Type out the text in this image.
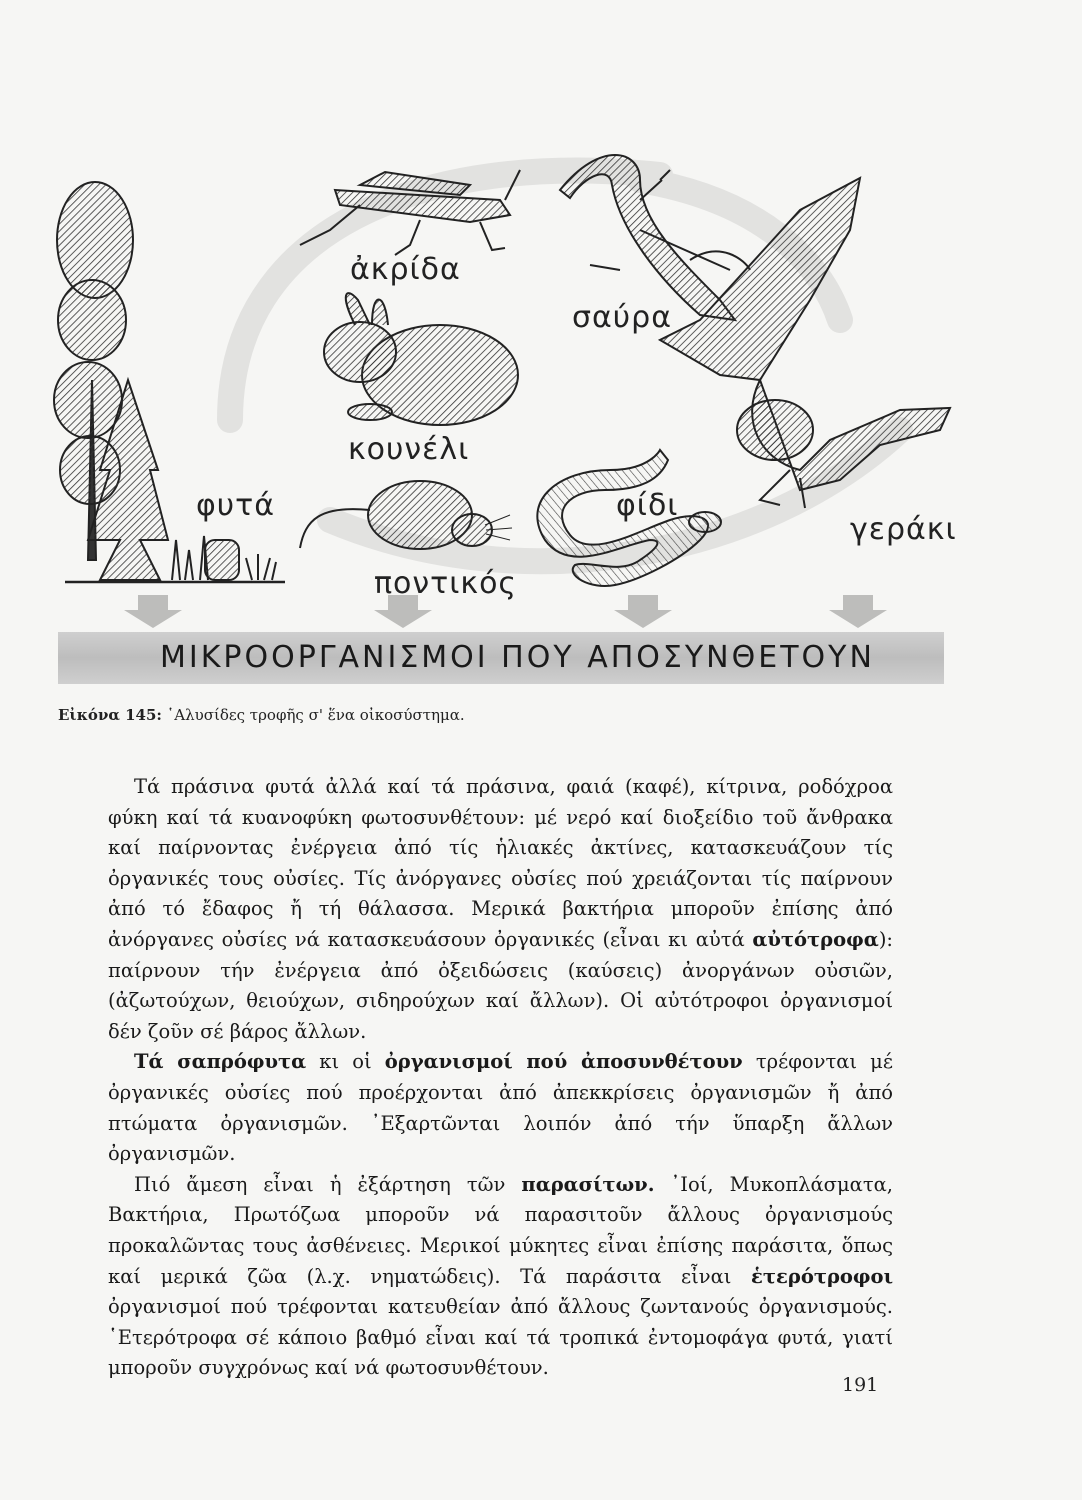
φυτά
ἀκρίδα
κουνέλι
ποντικός
σαύρα
φίδι
γεράκι
ΜΙΚΡΟΟΡΓΑΝΙΣΜΟΙ ΠΟΥ ΑΠΟΣΥΝΘΕΤΟΥΝ
Εἰκόνα 145: ῾Αλυσίδες τροφῆς σ' ἕνα οἰκοσύστημα.

Τά πράσινα φυτά ἀλλά καί τά πράσινα, φαιά (καφέ), κίτρινα, ροδόχροα φύκη καί τά κυανοφύκη φωτοσυνθέτουν: μέ νερό καί διοξείδιο τοῦ ἄνθρακα καί παίρνοντας ἐνέργεια ἀπό τίς ἡλιακές ἀκτίνες, κατασκευάζουν τίς ὀργανικές τους οὐσίες. Τίς ἀνόργανες οὐσίες πού χρειάζονται τίς παίρνουν ἀπό τό ἔδαφος ἤ τή θάλασσα. Μερικά βακτήρια μποροῦν ἐπίσης ἀπό ἀνόργανες οὐσίες νά κατασκευάσουν ὀργανικές (εἶναι κι αὐτά αὐτότροφα): παίρνουν τήν ἐνέργεια ἀπό ὀξειδώσεις (καύσεις) ἀνοργάνων οὐσιῶν, (ἀζωτούχων, θειούχων, σιδηρούχων καί ἄλλων). Οἱ αὐτότροφοι ὀργανισμοί δέν ζοῦν σέ βάρος ἄλλων.

Τά σαπρόφυτα κι οἱ ὀργανισμοί πού ἀποσυνθέτουν τρέφονται μέ ὀργανικές οὐσίες πού προέρχονται ἀπό ἀπεκκρίσεις ὀργανισμῶν ἤ ἀπό πτώματα ὀργανισμῶν. ᾿Εξαρτῶνται λοιπόν ἀπό τήν ὕπαρξη ἄλλων ὀργανισμῶν.

Πιό ἄμεση εἶναι ἡ ἐξάρτηση τῶν παρασίτων. ᾿Ιοί, Μυκοπλάσματα, Βακτήρια, Πρωτόζωα μποροῦν νά παρασιτοῦν ἄλλους ὀργανισμούς προκαλῶντας τους ἀσθένειες. Μερικοί μύκητες εἶναι ἐπίσης παράσιτα, ὅπως καί μερικά ζῶα (λ.χ. νηματώδεις). Τά παράσιτα εἶναι ἑτερότροφοι ὀργανισμοί πού τρέφονται κατευθείαν ἀπό ἄλλους ζωντανούς ὀργανισμούς. ῾Ετερότροφα σέ κάποιο βαθμό εἶναι καί τά τροπικά ἐντομοφάγα φυτά, γιατί μποροῦν συγχρόνως καί νά φωτοσυνθέτουν.

191
